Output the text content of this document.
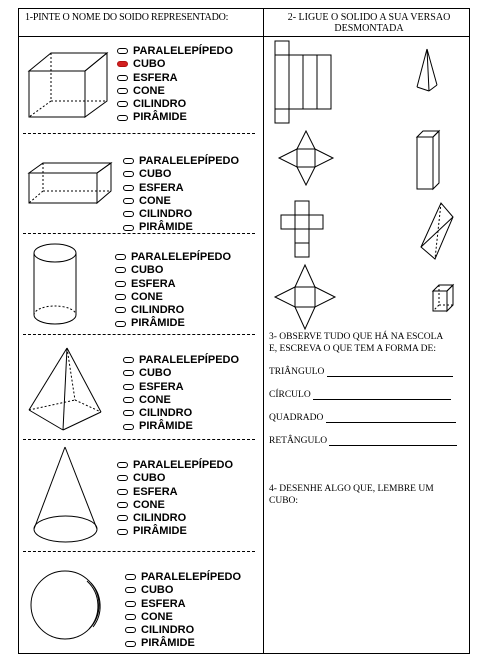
1-PINTE O NOME DO SOIDO REPRESENTADO:	2- LIGUE O SOLIDO A SUA VERSAO
DESMONTADA
PARALELEPÍPEDO
CUBO
ESFERA
CONE
CILINDRO
PIRÂMIDE
PARALELEPÍPEDO
CUBO
ESFERA
CONE
CILINDRO
PIRÂMIDE
PARALELEPÍPEDO
CUBO
ESFERA
CONE
CILINDRO
PIRÂMIDE
PARALELEPÍPEDO
CUBO
ESFERA
CONE
CILINDRO
PIRÂMIDE
PARALELEPÍPEDO
CUBO
ESFERA
CONE
CILINDRO
PIRÂMIDE
PARALELEPÍPEDO
CUBO
ESFERA
CONE
CILINDRO
PIRÂMIDE
3- OBSERVE TUDO QUE HÁ NA ESCOLA
E, ESCREVA O QUE TEM A FORMA DE:
TRIÂNGULO
CÍRCULO
QUADRADO
RETÂNGULO
4- DESENHE ALGO QUE, LEMBRE UM
CUBO:
